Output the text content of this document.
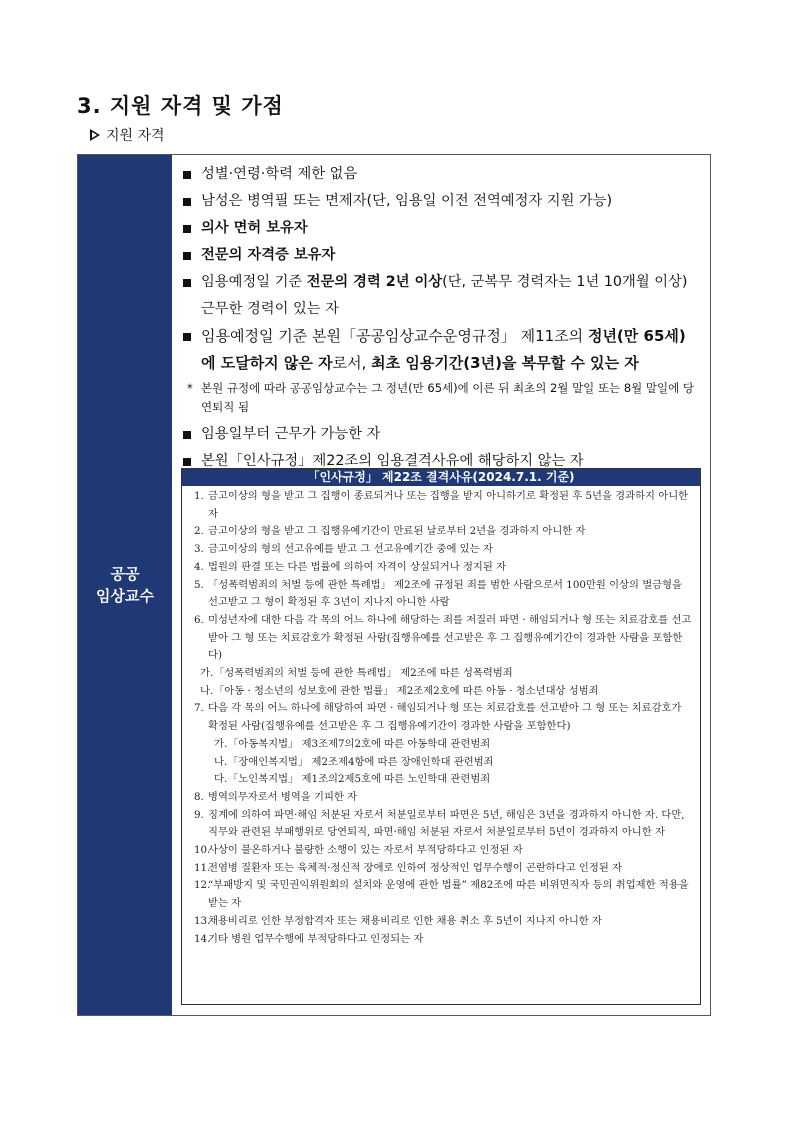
3. 지원 자격 및 가점
지원 자격
공공
임상교수
성별·연령·학력 제한 없음
남성은 병역필 또는 면제자(단, 임용일 이전 전역예정자 지원 가능)
의사 면허 보유자
전문의 자격증 보유자
임용예정일 기준 전문의 경력 2년 이상(단, 군복무 경력자는 1년 10개월 이상) 근무한 경력이 있는 자
임용예정일 기준 본원「공공임상교수운영규정」 제11조의 정년(만 65세) 에 도달하지 않은 자로서, 최초 임용기간(3년)을 복무할 수 있는 자
* 본원 규정에 따라 공공임상교수는 그 정년(만 65세)에 이른 뒤 최초의 2월 말일 또는 8월 말일에 당연퇴직 됨
임용일부터 근무가 가능한 자
본원「인사규정」제22조의 임용결격사유에 해당하지 않는 자
「인사규정」 제22조 결격사유(2024.7.1. 기준)
1. 금고이상의 형을 받고 그 집행이 종료되거나 또는 집행을 받지 아니하기로 확정된 후 5년을 경과하지 아니한 자
2. 금고이상의 형을 받고 그 집행유예기간이 만료된 날로부터 2년을 경과하지 아니한 자
3. 금고이상의 형의 선고유예를 받고 그 선고유예기간 중에 있는 자
4. 법원의 판결 또는 다른 법률에 의하여 자격이 상실되거나 정지된 자
5. 「성폭력범죄의 처벌 등에 관한 특례법」 제2조에 규정된 죄를 범한 사람으로서 100만원 이상의 벌금형을 선고받고 그 형이 확정된 후 3년이 지나지 아니한 사람
6. 미성년자에 대한 다음 각 목의 어느 하나에 해당하는 죄를 저질러 파면 · 해임되거나 형 또는 치료감호를 선고받아 그 형 또는 치료감호가 확정된 사람(집행유예를 선고받은 후 그 집행유예기간이 경과한 사람을 포함한다)
가. 「성폭력범죄의 처벌 등에 관한 특례법」 제2조에 따른 성폭력범죄
나. 「아동 · 청소년의 성보호에 관한 법률」 제2조제2호에 따른 아동 · 청소년대상 성범죄
7. 다음 각 목의 어느 하나에 해당하여 파면 · 해임되거나 형 또는 치료감호를 선고받아 그 형 또는 치료감호가 확정된 사람(집행유예를 선고받은 후 그 집행유예기간이 경과한 사람을 포함한다)
가. 「아동복지법」 제3조제7의2호에 따른 아동학대 관련범죄
나. 「장애인복지법」 제2조제4항에 따른 장애인학대 관련범죄
다. 「노인복지법」 제1조의2제5호에 따른 노인학대 관련범죄
8. 병역의무자로서 병역을 기피한 자
9. 징계에 의하여 파면·해임 처분된 자로서 처분일로부터 파면은 5년, 해임은 3년을 경과하지 아니한 자. 다만, 직무와 관련된 부패행위로 당연퇴직, 파면·해임 처분된 자로서 처분일로부터 5년이 경과하지 아니한 자
10.
사상이 불온하거나 불량한 소행이 있는 자로서 부적당하다고 인정된 자
11.
전염병 질환자 또는 육체적·정신적 장애로 인하여 정상적인 업무수행이 곤란하다고 인정된 자
12.
“부패방지 및 국민권익위원회의 설치와 운영에 관한 법률” 제82조에 따른 비위면직자 등의 취업제한 적용을 받는 자
13.
채용비리로 인한 부정합격자 또는 채용비리로 인한 채용 취소 후 5년이 지나지 아니한 자
14.
기타 병원 업무수행에 부적당하다고 인정되는 자
